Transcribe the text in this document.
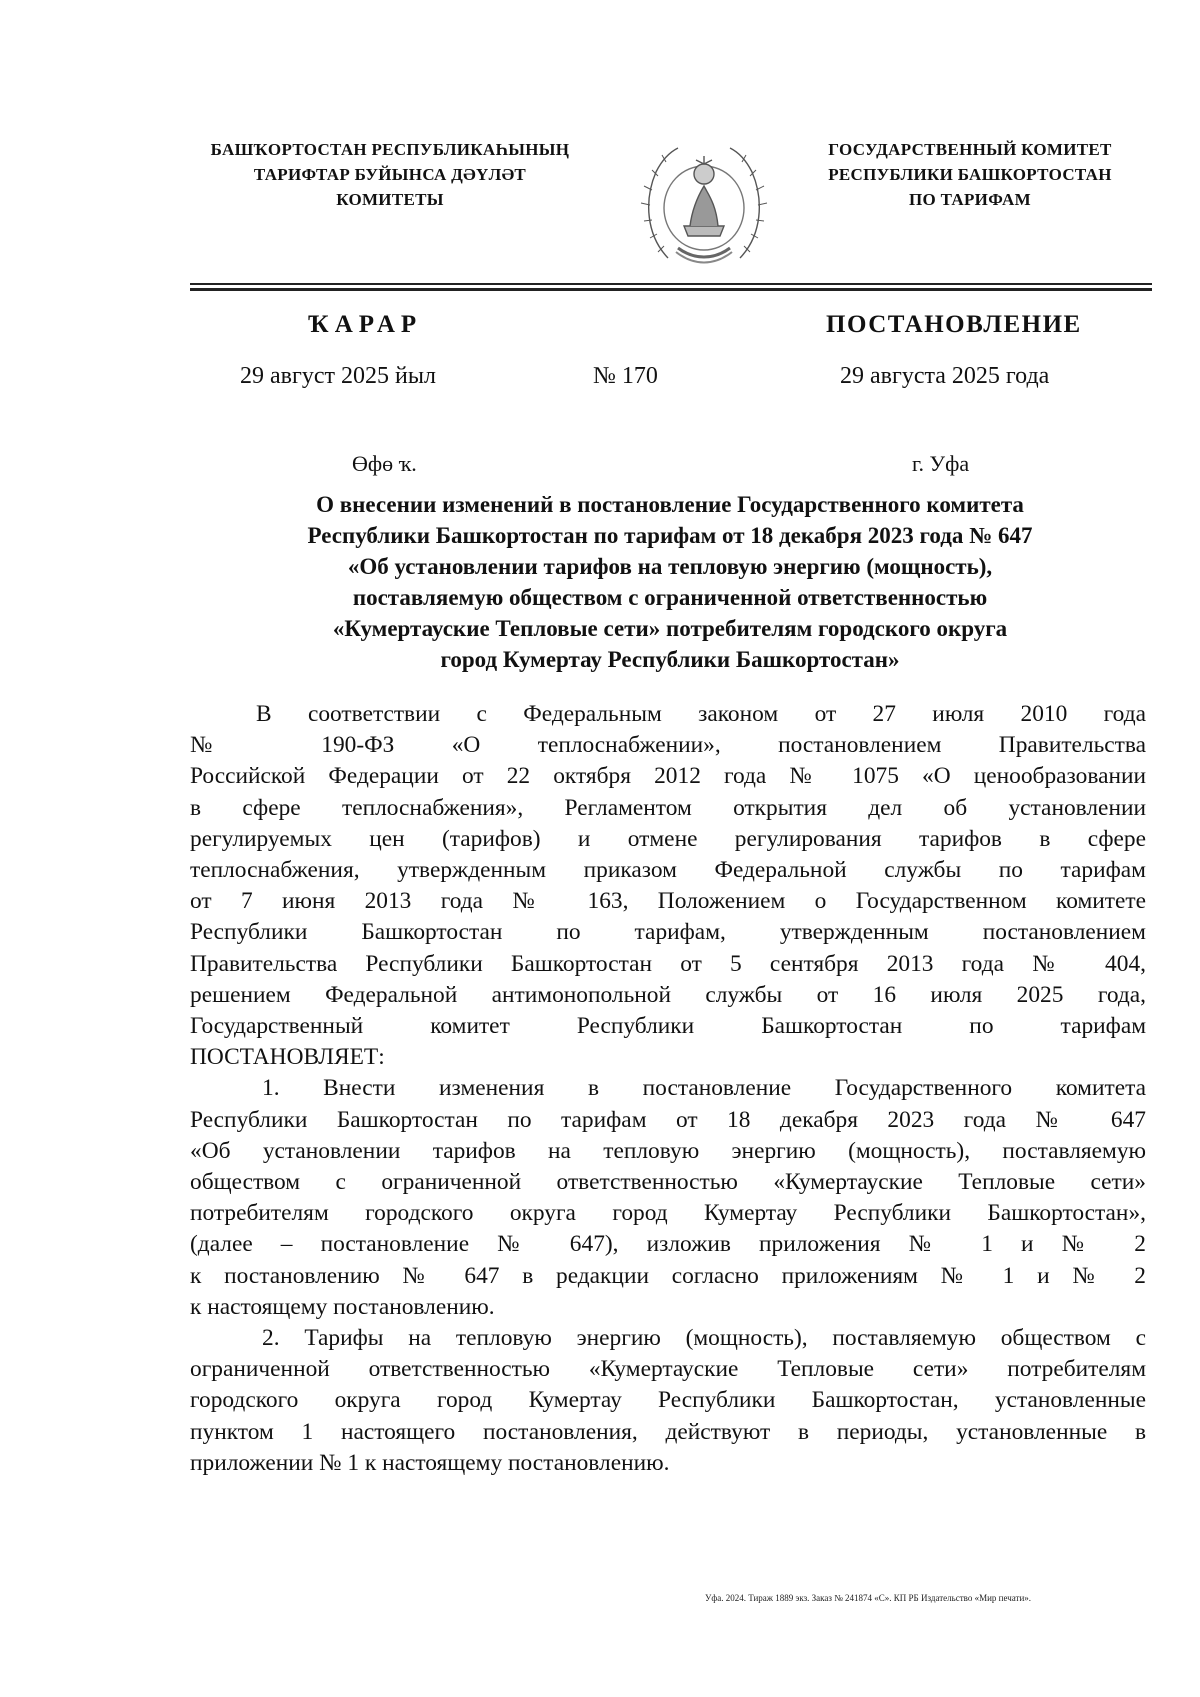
БАШҠОРТОСТАН РЕСПУБЛИКАҺЫНЫҢ
ТАРИФТАР БУЙЫНСА ДӘҮЛӘТ
КОМИТЕТЫ
ГОСУДАРСТВЕННЫЙ КОМИТЕТ
РЕСПУБЛИКИ БАШКОРТОСТАН
ПО ТАРИФАМ
ҠАРАР	ПОСТАНОВЛЕНИЕ
29 август 2025 йыл	№ 170	29 августа 2025 года
Өфө ҡ.	г. Уфа
О внесении изменений в постановление Государственного комитета
Республики Башкортостан по тарифам от 18 декабря 2023 года № 647
«Об установлении тарифов на тепловую энергию (мощность),
поставляемую обществом с ограниченной ответственностью
«Кумертауские Тепловые сети» потребителям городского округа
город Кумертау Республики Башкортостан»
В соответствии с Федеральным законом от 27 июля 2010 года
№ 190-ФЗ «О теплоснабжении», постановлением Правительства
Российской Федерации от 22 октября 2012 года № 1075 «О ценообразовании
в сфере теплоснабжения», Регламентом открытия дел об установлении
регулируемых цен (тарифов) и отмене регулирования тарифов в сфере
теплоснабжения, утвержденным приказом Федеральной службы по тарифам
от 7 июня 2013 года № 163, Положением о Государственном комитете
Республики Башкортостан по тарифам, утвержденным постановлением
Правительства Республики Башкортостан от 5 сентября 2013 года № 404,
решением Федеральной антимонопольной службы от 16 июля 2025 года,
Государственный комитет Республики Башкортостан по тарифам
ПОСТАНОВЛЯЕТ:
1. Внести изменения в постановление Государственного комитета
Республики Башкортостан по тарифам от 18 декабря 2023 года № 647
«Об установлении тарифов на тепловую энергию (мощность), поставляемую
обществом с ограниченной ответственностью «Кумертауские Тепловые сети»
потребителям городского округа город Кумертау Республики Башкортостан»,
(далее – постановление № 647), изложив приложения № 1 и № 2
к постановлению № 647 в редакции согласно приложениям № 1 и № 2
к настоящему постановлению.
2. Тарифы на тепловую энергию (мощность), поставляемую обществом с
ограниченной ответственностью «Кумертауские Тепловые сети» потребителям
городского округа город Кумертау Республики Башкортостан, установленные
пунктом 1 настоящего постановления, действуют в периоды, установленные в
приложении № 1 к настоящему постановлению.
Уфа. 2024. Тираж 1889 экз. Заказ № 241874 «С». КП РБ Издательство «Мир печати».
